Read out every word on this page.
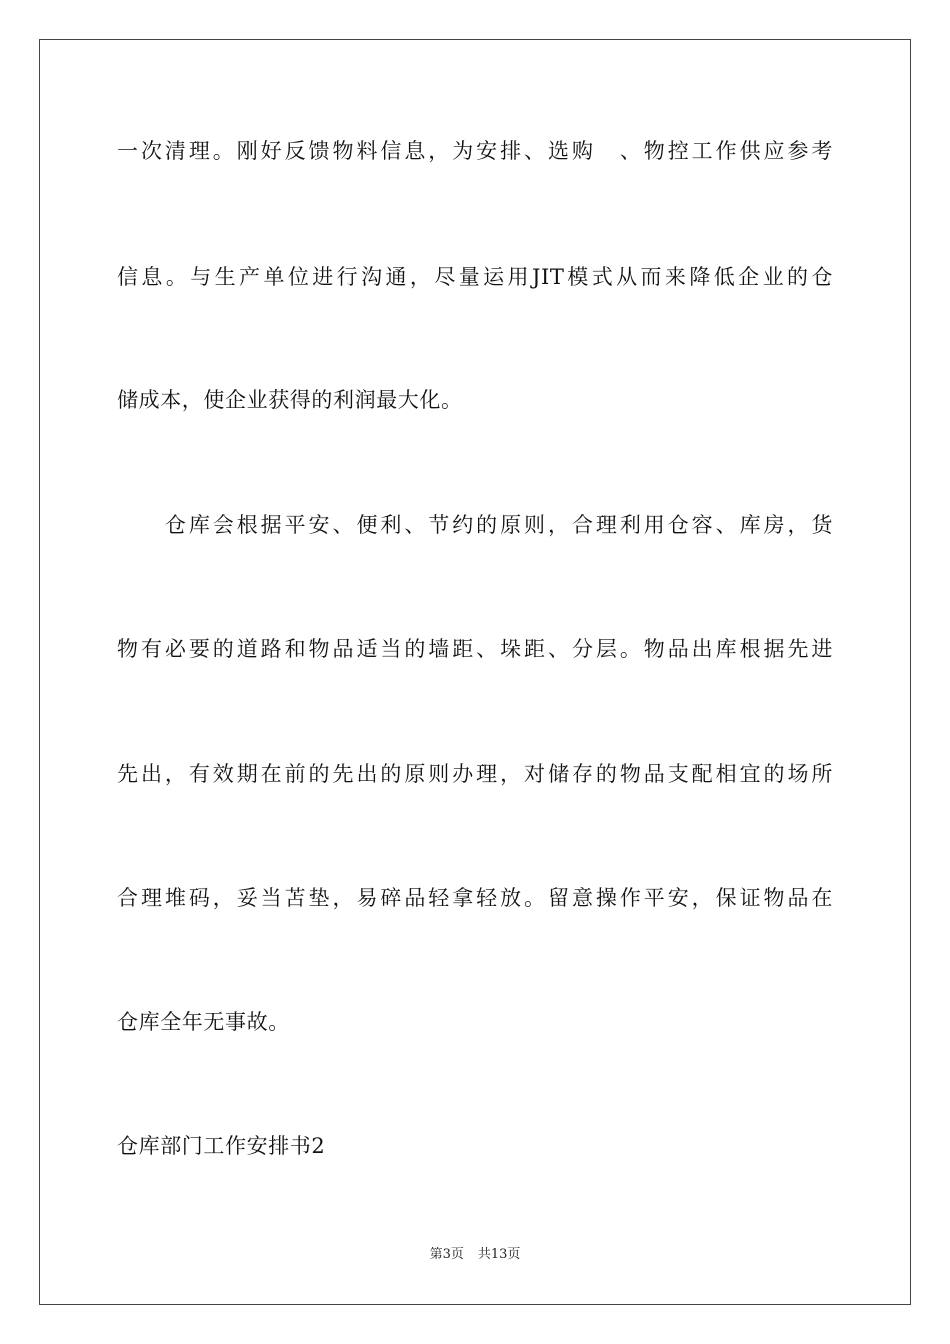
一次清理。刚好反馈物料信息，为安排、选购　、物控工作供应参考
信息。与生产单位进行沟通，尽量运用JIT模式从而来降低企业的仓
储成本，使企业获得的利润最大化。
　　仓库会根据平安、便利、节约的原则，合理利用仓容、库房，货
物有必要的道路和物品适当的墙距、垛距、分层。物品出库根据先进
先出，有效期在前的先出的原则办理，对储存的物品支配相宜的场所
合理堆码，妥当苫垫，易碎品轻拿轻放。留意操作平安，保证物品在
仓库全年无事故。
仓库部门工作安排书2
第3页 共13页
